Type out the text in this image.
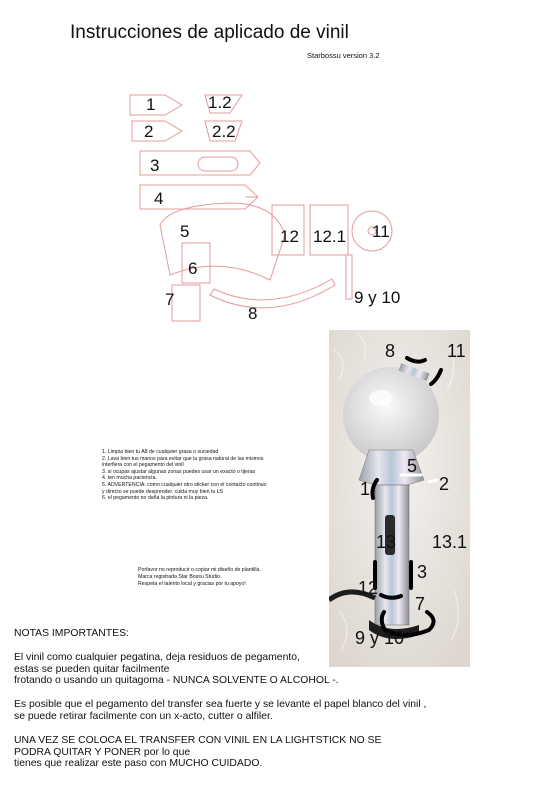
Instrucciones de aplicado de vinil
Starbossu version 3.2
1	1.2
2	2.2
3
4
5
6
7
8
12 12.1 11
9 y 10
1. Limpia bien tu A8 de cualquier grasa o suciedad
2. Lava bien tus manos para evitar que la grasa natural de las mismos
interfiera con el pegamento del vinil
3. si ocupas ajustar algunas zonas puedes usar un exacto o tijeras
4. ten mucha paciencia.
5. ADVERTENCIA: como cualquier otro sticker con el contacto continuo
y directo se puede desprender. cuida muy bien tu LS
6. el pegamento no daña la pintura ni la pieza.
Porfavor no reproducir o copiar mi diseño de plantilla.
Marca registrada Star Bossu Studio.
Respeta el talento local y gracias por tu apoyo!
8	11
5
1	2
13 13.1
3
12
7
9 y 10

NOTAS IMPORTANTES:

El vinil como cualquier pegatina, deja residuos de pegamento,

estas se pueden quitar facilmente

frotando o usando un quitagoma - NUNCA SOLVENTE O ALCOHOL -.

Es posible que el pegamento del transfer sea fuerte y se levante el papel blanco del vinil ,

se puede retirar facilmente con un x-acto, cutter o alfiler.

UNA VEZ SE COLOCA EL TRANSFER CON VINIL EN LA LIGHTSTICK NO SE

PODRA QUITAR Y PONER por lo que

tienes que realizar este paso con MUCHO CUIDADO.
